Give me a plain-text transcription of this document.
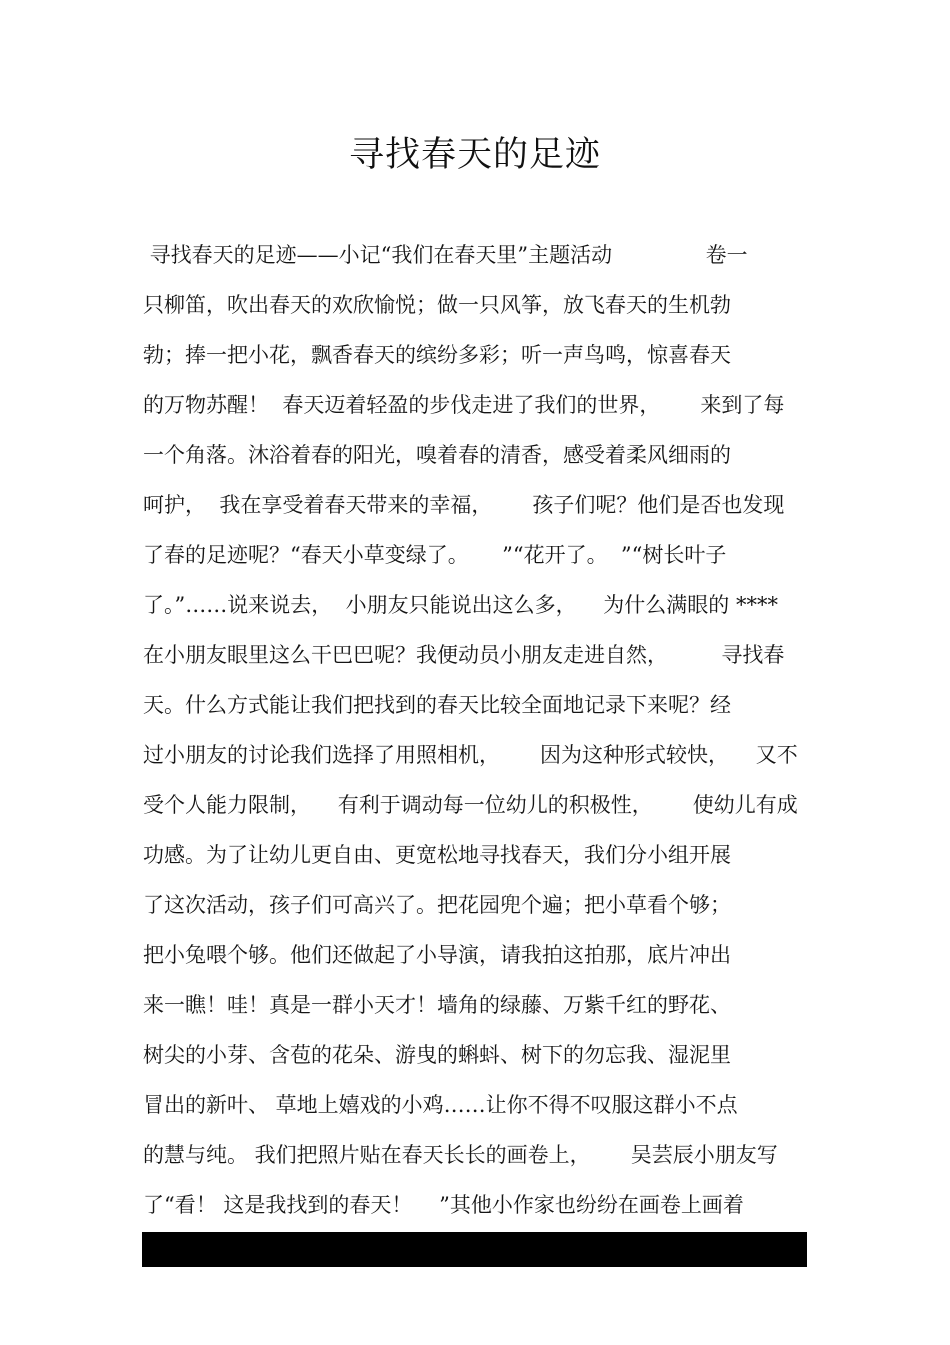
寻找春天的足迹
寻找春天的足迹——小记“我们在春天里”主题活动              卷一
只柳笛，吹出春天的欢欣愉悦；做一只风筝，放飞春天的生机勃
勃；捧一把小花，飘香春天的缤纷多彩；听一声鸟鸣，惊喜春天
的万物苏醒！  春天迈着轻盈的步伐走进了我们的世界，      来到了每
一个角落。沐浴着春的阳光，嗅着春的清香，感受着柔风细雨的
呵护，  我在享受着春天带来的幸福，      孩子们呢？他们是否也发现
了春的足迹呢？“春天小草变绿了。     ”“花开了。  ”“树长叶子
了。”……说来说去，  小朋友只能说出这么多，    为什么满眼的 ****
在小朋友眼里这么干巴巴呢？我便动员小朋友走进自然，        寻找春
天。什么方式能让我们把找到的春天比较全面地记录下来呢？经
过小朋友的讨论我们选择了用照相机，      因为这种形式较快，    又不
受个人能力限制，    有利于调动每一位幼儿的积极性，      使幼儿有成
功感。为了让幼儿更自由、更宽松地寻找春天，我们分小组开展
了这次活动，孩子们可高兴了。把花园兜个遍；把小草看个够；
把小兔喂个够。他们还做起了小导演，请我拍这拍那，底片冲出
来一瞧！哇！真是一群小天才！墙角的绿藤、万紫千红的野花、
树尖的小芽、含苞的花朵、游曳的蝌蚪、树下的勿忘我、湿泥里
冒出的新叶、 草地上嬉戏的小鸡……让你不得不叹服这群小不点
的慧与纯。 我们把照片贴在春天长长的画卷上，      吴芸辰小朋友写
了“看！ 这是我找到的春天！    ”其他小作家也纷纷在画卷上画着
